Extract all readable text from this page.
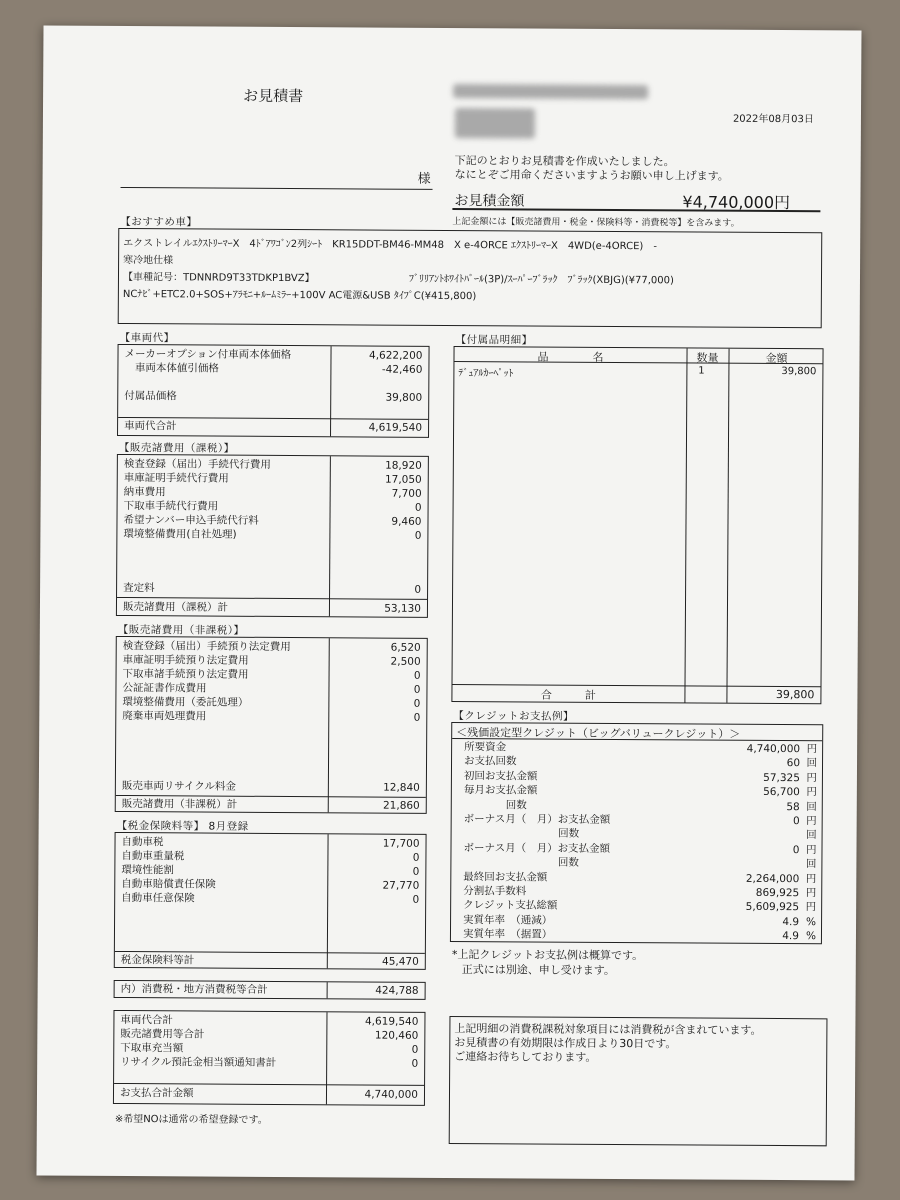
お見積書
2022年08月03日
下記のとおりお見積書を作成いたしました。
なにとぞご用命くださいますようお願い申し上げます。
様
お見積金額	¥4,740,000円
上記金額には【販売諸費用・税金・保険料等・消費税等】を含みます。
【おすすめ車】
エクストレイルｴｸｽﾄﾘｰﾏｰX　4ﾄﾞｱﾜｺﾞﾝ2列ｼｰﾄ　KR15DDT-BM46-MM48　X e-4ORCE ｴｸｽﾄﾘｰﾏｰX　4WD(e-4ORCE)　-
寒冷地仕様
【車種記号：TDNNRD9T33TDKP1BVZ】	ﾌﾞﾘﾘｱﾝﾄﾎﾜｲﾄﾊﾟｰﾙ(3P)/ｽｰﾊﾟｰﾌﾞﾗｯｸ　ﾌﾞﾗｯｸ(XBJG)(¥77,000)
NCﾅﾋﾞ+ETC2.0+SOS+ｱﾗﾓﾆ+ﾙｰﾑﾐﾗｰ+100V AC電源&USB ﾀｲﾌﾟC(¥415,800)
【車両代】
メーカーオプション付車両本体価格	4,622,200
　車両本体値引価格	-42,460
付属品価格	39,800
車両代合計	4,619,540
【販売諸費用（課税）】
検査登録（届出）手続代行費用	18,920
車庫証明手続代行費用	17,050
納車費用	7,700
下取車手続代行費用	0
希望ナンバー申込手続代行料	9,460
環境整備費用(自社処理)	0
査定料	0
販売諸費用（課税）計	53,130
【販売諸費用（非課税）】
検査登録（届出）手続預り法定費用	6,520
車庫証明手続預り法定費用	2,500
下取車諸手続預り法定費用	0
公証証書作成費用	0
環境整備費用（委託処理）	0
廃棄車両処理費用	0
販売車両リサイクル料金	12,840
販売諸費用（非課税）計	21,860
【税金保険料等】 8月登録
自動車税	17,700
自動車重量税	0
環境性能割	0
自動車賠償責任保険	27,770
自動車任意保険	0
税金保険料等計	45,470
内）消費税・地方消費税等合計	424,788
車両代合計	4,619,540
販売諸費用等合計	120,460
下取車充当額	0
リサイクル預託金相当額通知書計	0
お支払合計金額	4,740,000
※希望NOは通常の希望登録です。
【付属品明細】
品　　　　名	数量	金額
ﾃﾞｭｱﾙｶｰﾍﾟｯﾄ	1	39,800
合　　　計	39,800
【クレジットお支払例】
＜残価設定型クレジット（ビッグバリュークレジット）＞
所要資金	4,740,000 円
お支払回数	60 回
初回お支払金額	57,325 円
毎月お支払金額	56,700 円
　　　　回数	58 回
ボーナス月（　月）お支払金額	0 円
　　　　　　　　　回数	回
ボーナス月（　月）お支払金額	0 円
　　　　　　　　　回数	回
最終回お支払金額	2,264,000 円
分割払手数料	869,925 円
クレジット支払総額	5,609,925 円
実質年率　（逓減）	4.9 %
実質年率　（据置）	4.9 %
*上記クレジットお支払例は概算です。
正式には別途、申し受けます。
上記明細の消費税課税対象項目には消費税が含まれています。
お見積書の有効期限は作成日より30日です。
ご連絡お待ちしております。
